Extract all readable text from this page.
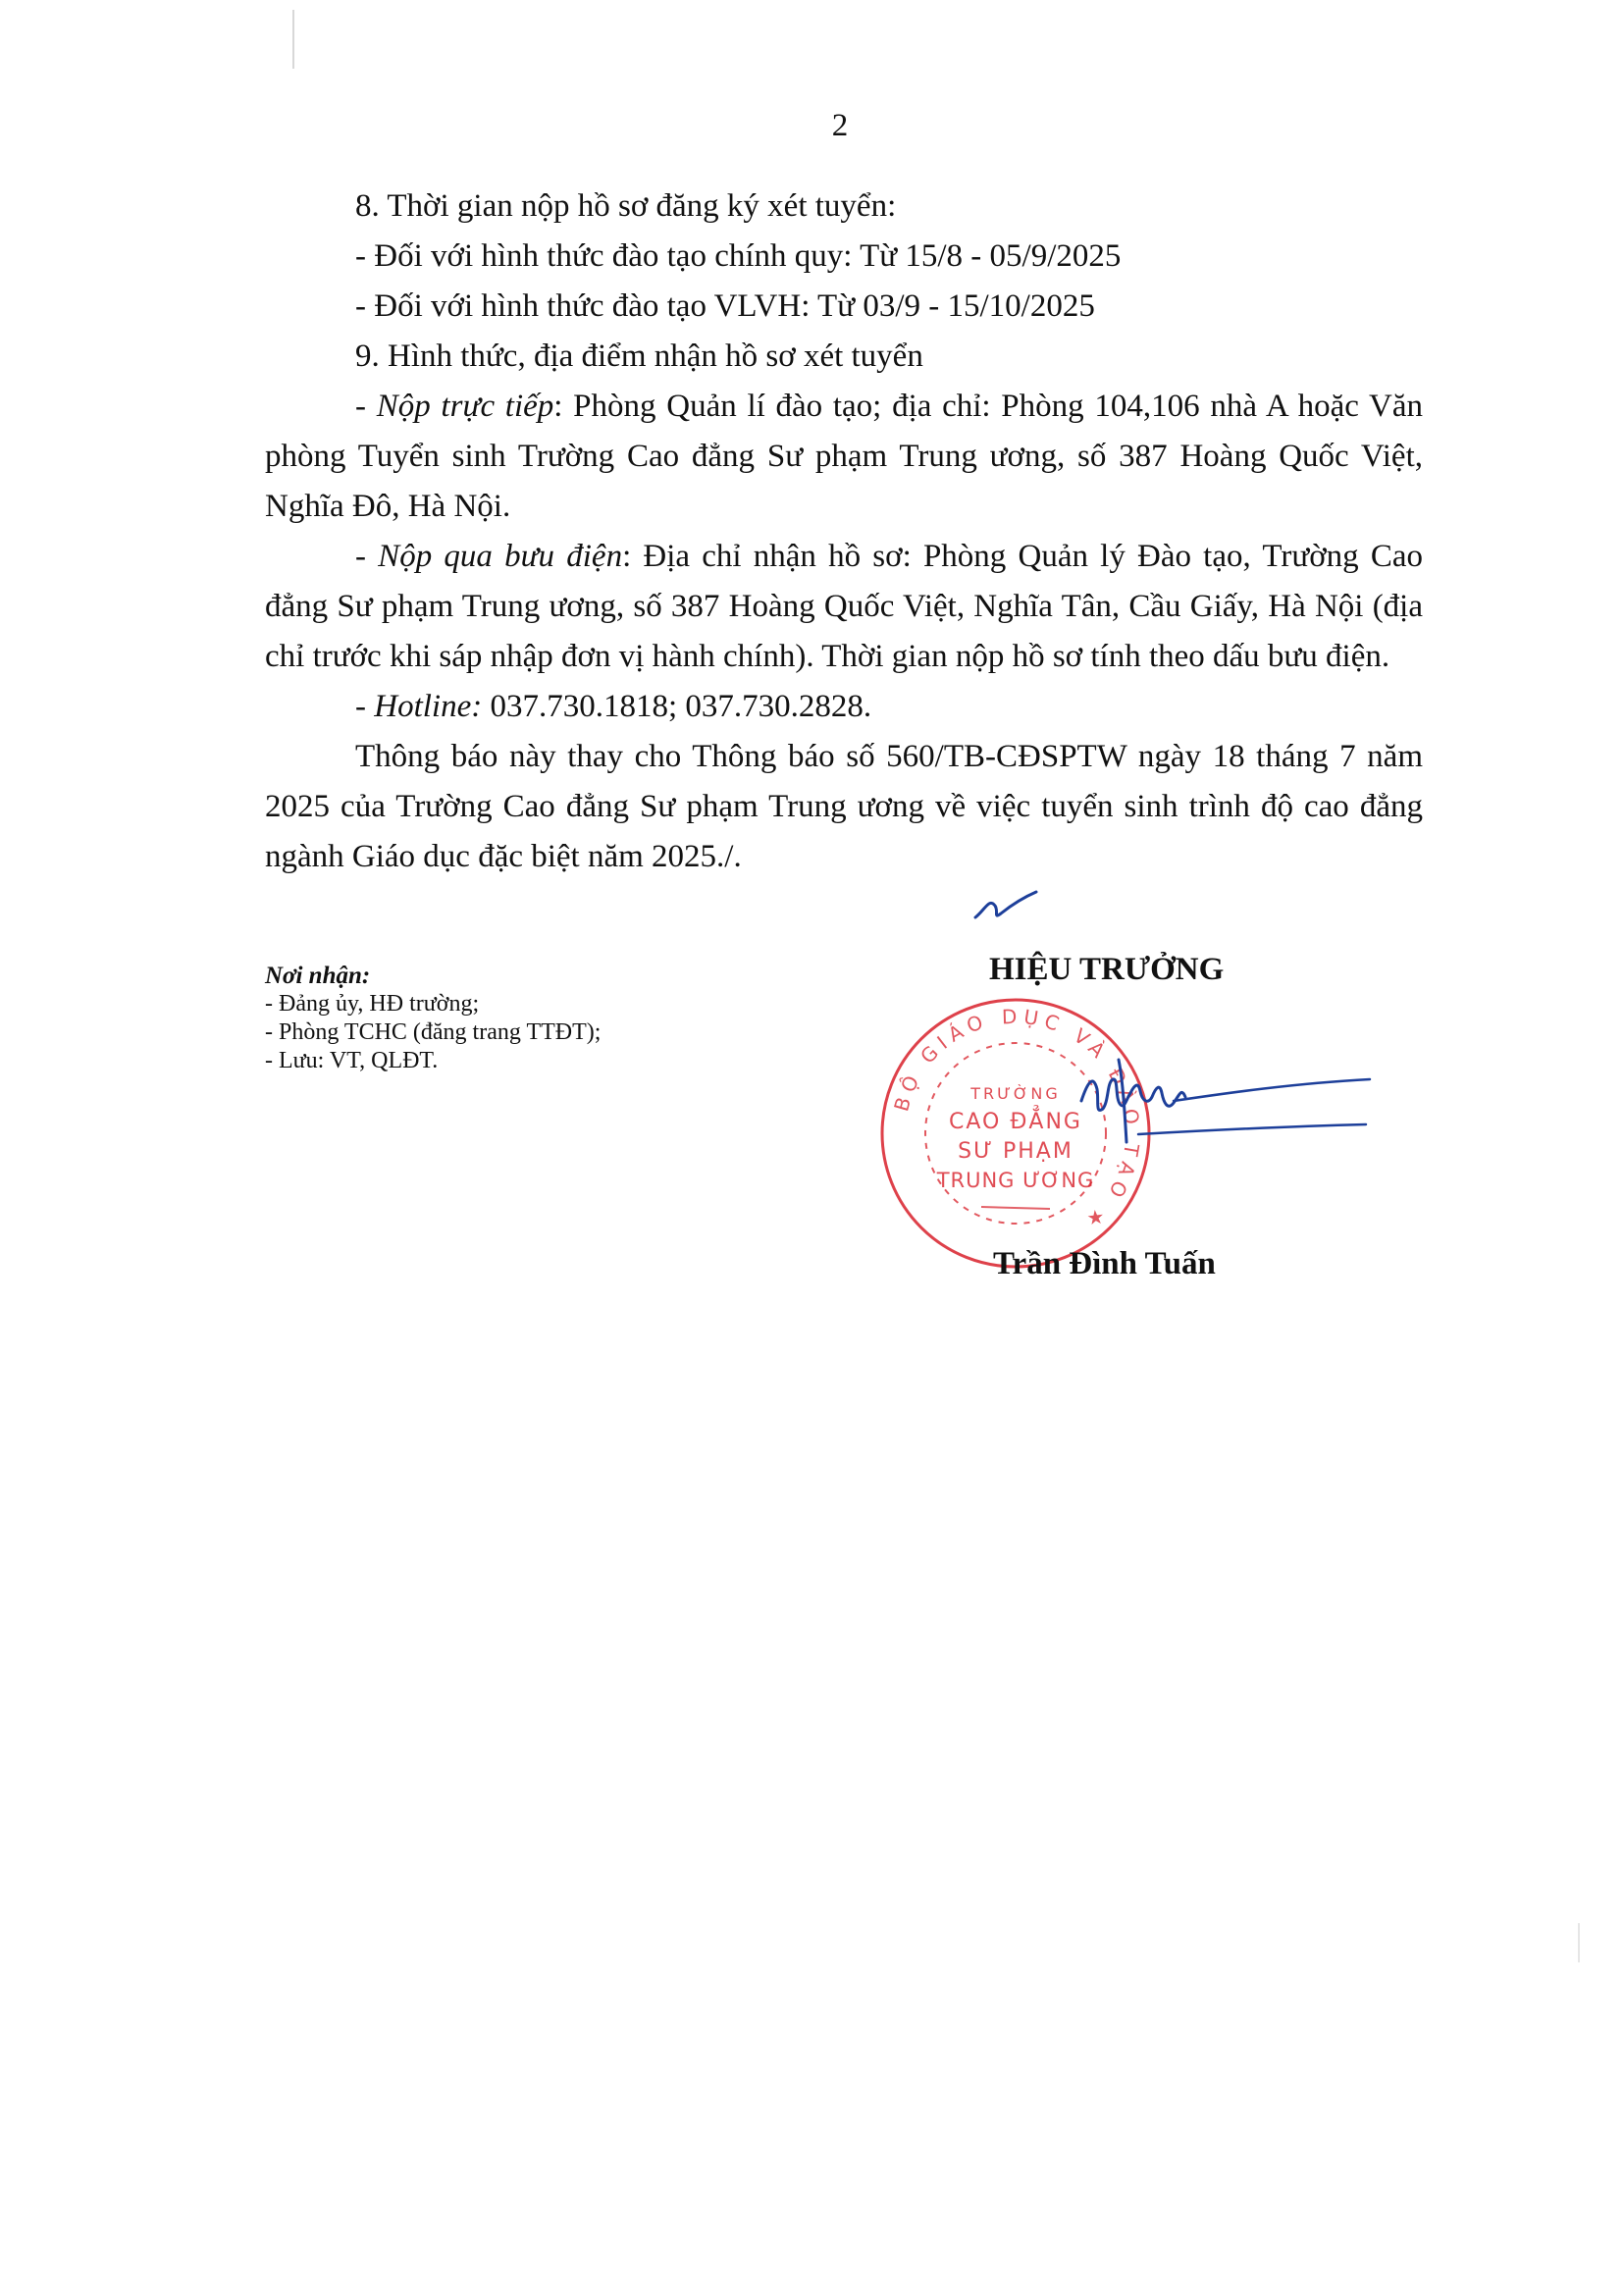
2

8. Thời gian nộp hồ sơ đăng ký xét tuyển:

- Đối với hình thức đào tạo chính quy: Từ 15/8 - 05/9/2025

- Đối với hình thức đào tạo VLVH: Từ 03/9 - 15/10/2025

9. Hình thức, địa điểm nhận hồ sơ xét tuyển

- Nộp trực tiếp: Phòng Quản lí đào tạo; địa chỉ: Phòng 104,106 nhà A hoặc Văn phòng Tuyển sinh Trường Cao đẳng Sư phạm Trung ương, số 387 Hoàng Quốc Việt, Nghĩa Đô, Hà Nội.

- Nộp qua bưu điện: Địa chỉ nhận hồ sơ: Phòng Quản lý Đào tạo, Trường Cao đẳng Sư phạm Trung ương, số 387 Hoàng Quốc Việt, Nghĩa Tân, Cầu Giấy, Hà Nội (địa chỉ trước khi sáp nhập đơn vị hành chính). Thời gian nộp hồ sơ tính theo dấu bưu điện.

- Hotline: 037.730.1818; 037.730.2828.

Thông báo này thay cho Thông báo số 560/TB-CĐSPTW ngày 18 tháng 7 năm 2025 của Trường Cao đẳng Sư phạm Trung ương về việc tuyển sinh trình độ cao đẳng ngành Giáo dục đặc biệt năm 2025./.

Nơi nhận:
- Đảng ủy, HĐ trường;
- Phòng TCHC (đăng trang TTĐT);
- Lưu: VT, QLĐT.
HIỆU TRƯỞNG
BỘ GIÁO DỤC VÀ ĐÀO TẠO ★
TRƯỜNG
CAO ĐẲNG
SƯ PHẠM
TRUNG ƯƠNG
Trần Đình Tuấn
